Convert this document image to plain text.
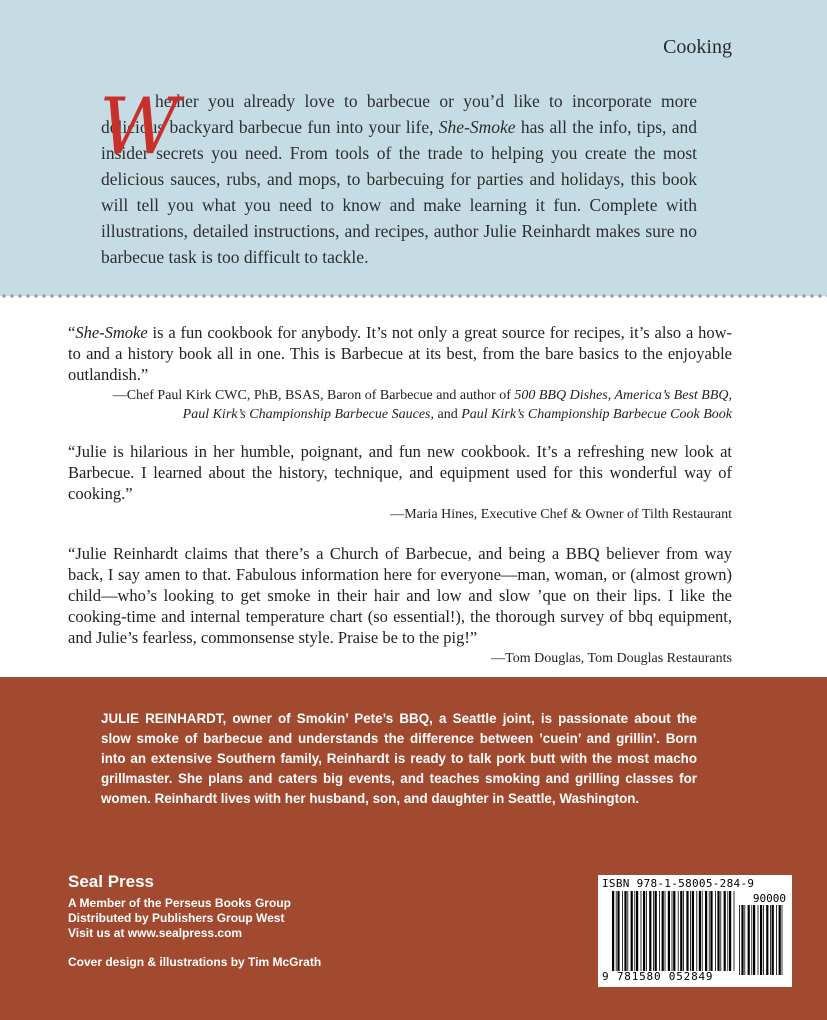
Cooking
W
hether you already love to barbecue or you’d like to incorporate more delicious backyard barbecue fun into your life, She-Smoke has all the info, tips, and insider secrets you need. From tools of the trade to helping you create the most delicious sauces, rubs, and mops, to barbecuing for parties and holidays, this book will tell you what you need to know and make learning it fun. Complete with illustrations, detailed instructions, and recipes, author Julie Reinhardt makes sure no barbecue task is too difficult to tackle.
“She-Smoke is a fun cookbook for anybody. It’s not only a great source for recipes, it’s also a how-to and a history book all in one. This is Barbecue at its best, from the bare basics to the enjoyable outlandish.”
—Chef Paul Kirk CWC, PhB, BSAS, Baron of Barbecue and author of 500 BBQ Dishes, America’s Best BBQ,
Paul Kirk’s Championship Barbecue Sauces, and Paul Kirk’s Championship Barbecue Cook Book
“Julie is hilarious in her humble, poignant, and fun new cookbook. It’s a refreshing new look at Barbecue. I learned about the history, technique, and equipment used for this wonderful way of cooking.”
—Maria Hines, Executive Chef & Owner of Tilth Restaurant
“Julie Reinhardt claims that there’s a Church of Barbecue, and being a BBQ believer from way back, I say amen to that. Fabulous information here for everyone—man, woman, or (almost grown) child—who’s looking to get smoke in their hair and low and slow ’que on their lips. I like the cooking-time and internal temperature chart (so essential!), the thorough survey of bbq equipment, and Julie’s fearless, commonsense style. Praise be to the pig!”
—Tom Douglas, Tom Douglas Restaurants
JULIE REINHARDT, owner of Smokin’ Pete’s BBQ, a Seattle joint, is passionate about the slow smoke of barbecue and understands the difference between ’cuein’ and grillin’. Born into an extensive Southern family, Reinhardt is ready to talk pork butt with the most macho grillmaster. She plans and caters big events, and teaches smoking and grilling classes for women. Reinhardt lives with her husband, son, and daughter in Seattle, Washington.
Seal Press
A Member of the Perseus Books Group
Distributed by Publishers Group West
Visit us at www.sealpress.com
Cover design & illustrations by Tim McGrath
ISBN 978-1-58005-284-9
90000
9 781580 052849
